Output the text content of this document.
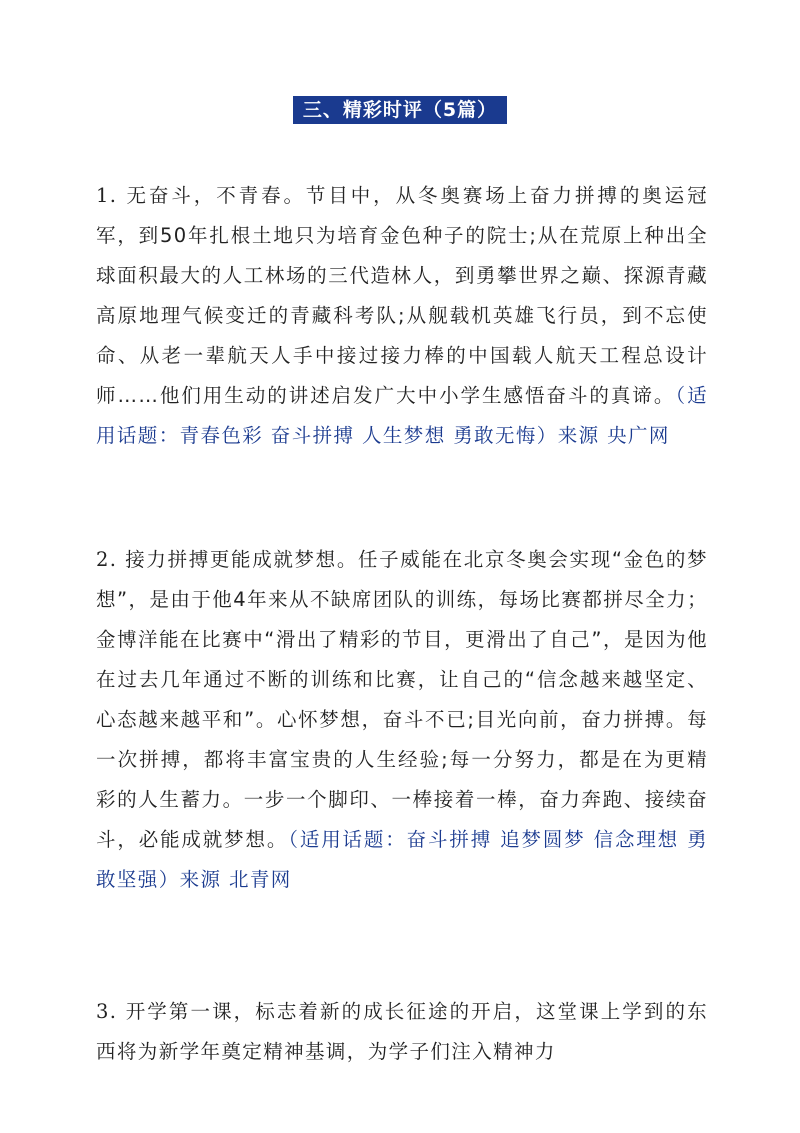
三、精彩时评（5篇）

1. 无奋斗，不青春。节目中，从冬奥赛场上奋力拼搏的奥运冠军，到50年扎根土地只为培育金色种子的院士;从在荒原上种出全球面积最大的人工林场的三代造林人，到勇攀世界之巅、探源青藏高原地理气候变迁的青藏科考队;从舰载机英雄飞行员，到不忘使命、从老一辈航天人手中接过接力棒的中国载人航天工程总设计师……他们用生动的讲述启发广大中小学生感悟奋斗的真谛。（适用话题：青春色彩 奋斗拼搏 人生梦想 勇敢无悔）来源 央广网

2. 接力拼搏更能成就梦想。任子威能在北京冬奥会实现“金色的梦想”，是由于他4年来从不缺席团队的训练，每场比赛都拼尽全力；金博洋能在比赛中“滑出了精彩的节目，更滑出了自己”，是因为他在过去几年通过不断的训练和比赛，让自己的“信念越来越坚定、心态越来越平和”。心怀梦想，奋斗不已;目光向前，奋力拼搏。每一次拼搏，都将丰富宝贵的人生经验;每一分努力，都是在为更精彩的人生蓄力。一步一个脚印、一棒接着一棒，奋力奔跑、接续奋斗，必能成就梦想。（适用话题：奋斗拼搏 追梦圆梦 信念理想 勇敢坚强）来源 北青网

3. 开学第一课，标志着新的成长征途的开启，这堂课上学到的东西将为新学年奠定精神基调，为学子们注入精神力
